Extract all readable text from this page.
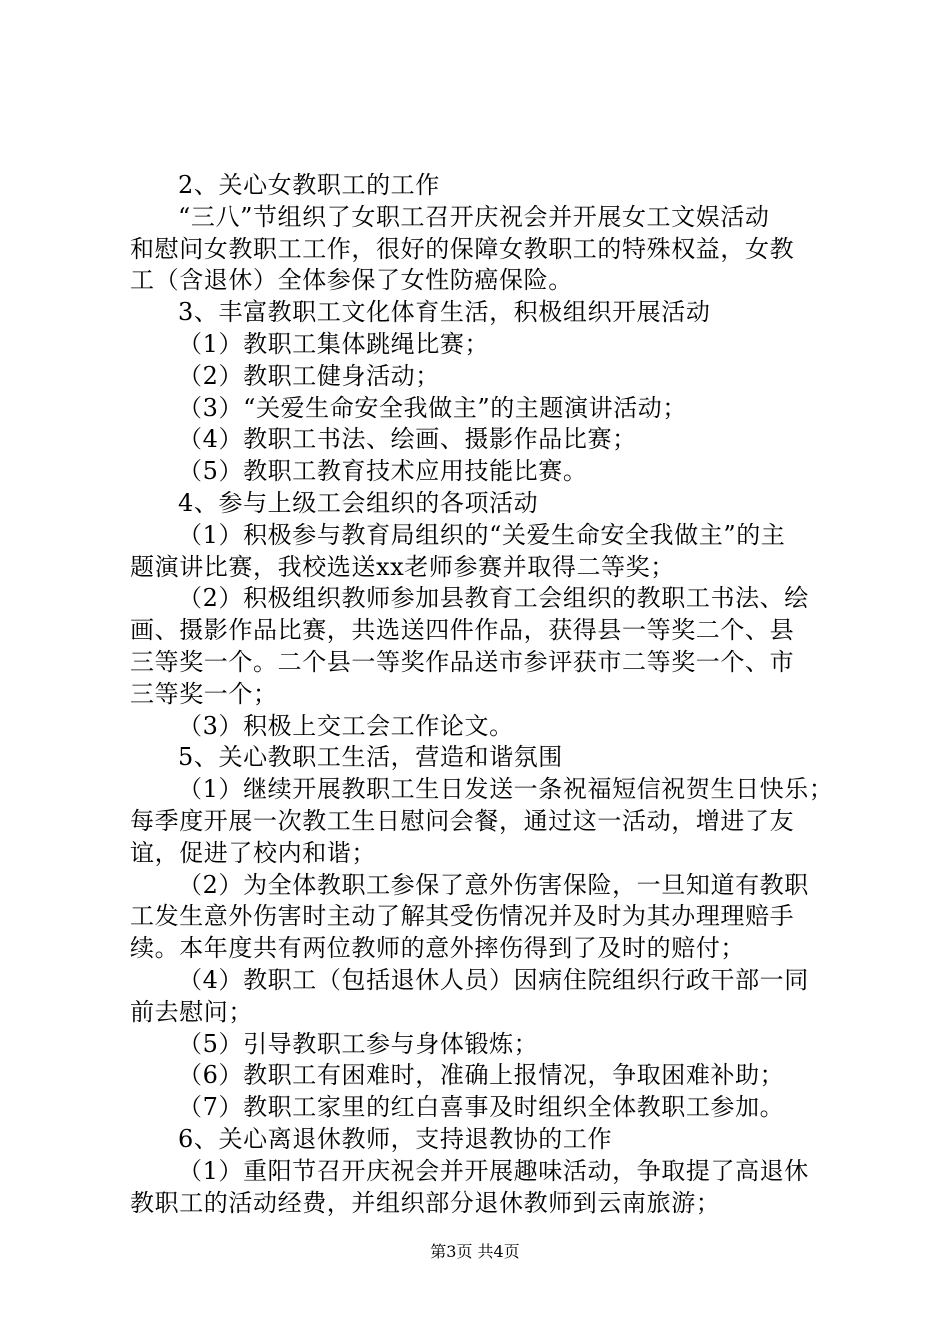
2、关心女教职工的工作

“三八”节组织了女职工召开庆祝会并开展女工文娱活动
和慰问女教职工工作，很好的保障女教职工的特殊权益，女教
工（含退休）全体参保了女性防癌保险。

3、丰富教职工文化体育生活，积极组织开展活动

（1）教职工集体跳绳比赛；

（2）教职工健身活动；

（3）“关爱生命安全我做主”的主题演讲活动；

（4）教职工书法、绘画、摄影作品比赛；

（5）教职工教育技术应用技能比赛。

4、参与上级工会组织的各项活动

（1）积极参与教育局组织的“关爱生命安全我做主”的主
题演讲比赛，我校选送xx老师参赛并取得二等奖；

（2）积极组织教师参加县教育工会组织的教职工书法、绘
画、摄影作品比赛，共选送四件作品，获得县一等奖二个、县
三等奖一个。二个县一等奖作品送市参评获市二等奖一个、市
三等奖一个；

（3）积极上交工会工作论文。

5、关心教职工生活，营造和谐氛围

（1）继续开展教职工生日发送一条祝福短信祝贺生日快乐；
每季度开展一次教工生日慰问会餐，通过这一活动，增进了友
谊，促进了校内和谐；

（2）为全体教职工参保了意外伤害保险，一旦知道有教职
工发生意外伤害时主动了解其受伤情况并及时为其办理理赔手
续。本年度共有两位教师的意外摔伤得到了及时的赔付；

（4）教职工（包括退休人员）因病住院组织行政干部一同
前去慰问；

（5）引导教职工参与身体锻炼；

（6）教职工有困难时，准确上报情况，争取困难补助；

（7）教职工家里的红白喜事及时组织全体教职工参加。

6、关心离退休教师，支持退教协的工作

（1）重阳节召开庆祝会并开展趣味活动，争取提了高退休
教职工的活动经费，并组织部分退休教师到云南旅游；

第3页 共4页
